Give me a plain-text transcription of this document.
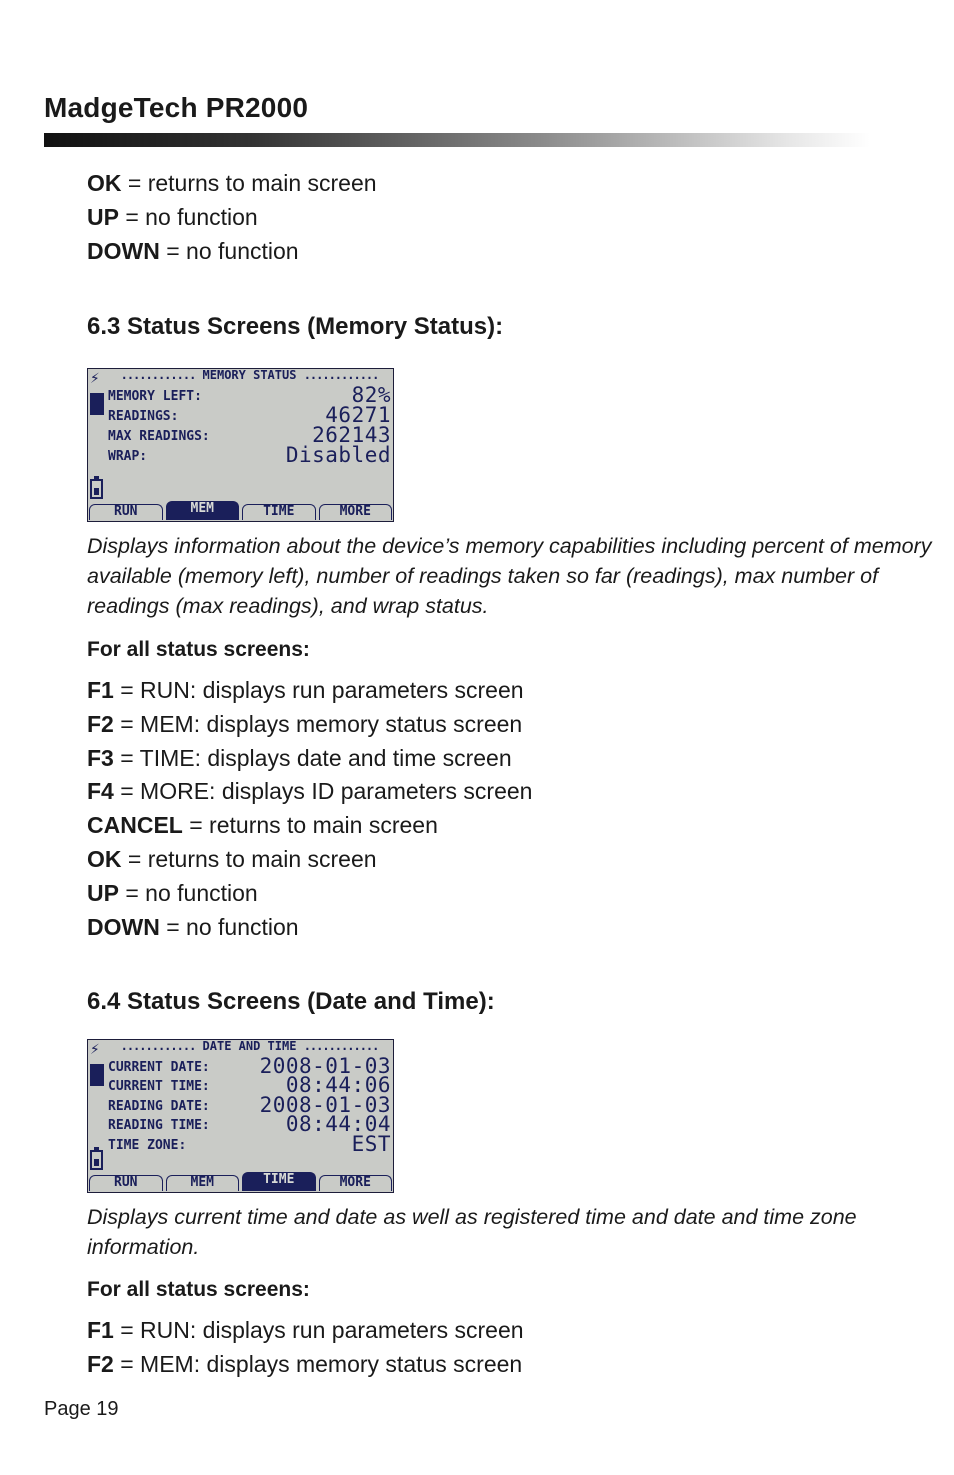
MadgeTech PR2000
OK = returns to main screen
UP = no function
DOWN = no function
6.3 Status Screens (Memory Status):
⚡	............ MEMORY STATUS ............
MEMORY LEFT:	82%
READINGS:	46271
MAX READINGS:	262143
WRAP:	Disabled
RUN	MEM	TIME	MORE
Displays information about the device’s memory capabilities including percent of memory available (memory left), number of readings taken so far (readings), max number of readings (max readings), and wrap status.
For all status screens:
F1 = RUN: displays run parameters screen
F2 = MEM: displays memory status screen
F3 = TIME: displays date and time screen
F4 = MORE: displays ID parameters screen
CANCEL = returns to main screen
OK = returns to main screen
UP = no function
DOWN = no function
6.4 Status Screens (Date and Time):
⚡	............ DATE AND TIME ............
CURRENT DATE: 2008-01-03
CURRENT TIME:	08:44:06
READING DATE: 2008-01-03
READING TIME:	08:44:04
TIME ZONE:	EST
RUN	MEM	TIME	MORE
Displays current time and date as well as registered time and date and time zone information.
For all status screens:
F1 = RUN: displays run parameters screen
F2 = MEM: displays memory status screen
Page 19
